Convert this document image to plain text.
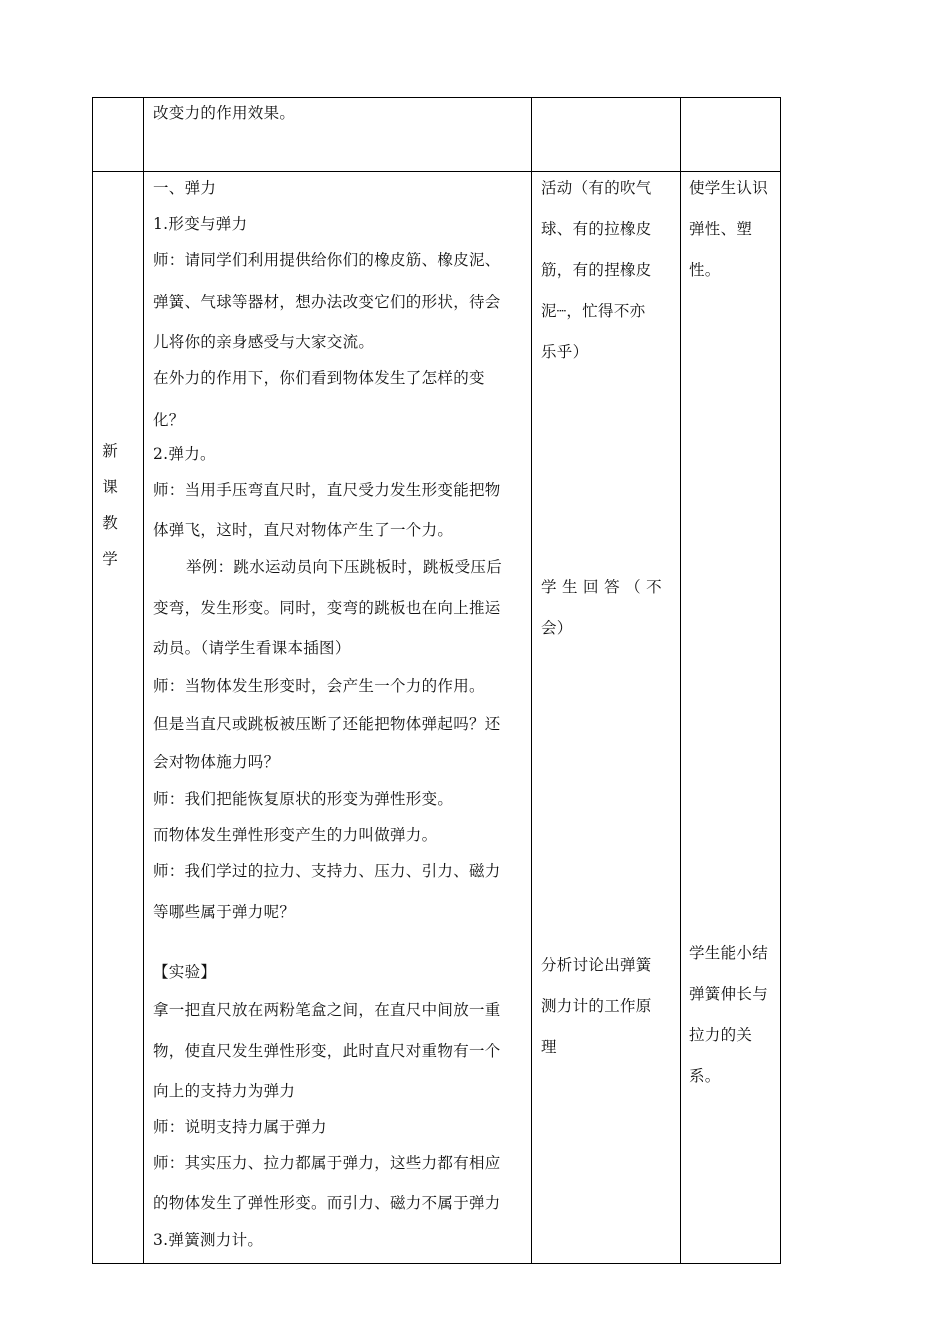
改变力的作用效果。
新
课
教
学
一、弹力
1.形变与弹力
师：请同学们利用提供给你们的橡皮筋、橡皮泥、
弹簧、气球等器材，想办法改变它们的形状，待会
儿将你的亲身感受与大家交流。
在外力的作用下，你们看到物体发生了怎样的变
化？
2.弹力。
师：当用手压弯直尺时，直尺受力发生形变能把物
体弹飞，这时，直尺对物体产生了一个力。
举例：跳水运动员向下压跳板时，跳板受压后
变弯，发生形变。同时，变弯的跳板也在向上推运
动员。（请学生看课本插图）
师：当物体发生形变时，会产生一个力的作用。
但是当直尺或跳板被压断了还能把物体弹起吗？还
会对物体施力吗？
师：我们把能恢复原状的形变为弹性形变。
而物体发生弹性形变产生的力叫做弹力。
师：我们学过的拉力、支持力、压力、引力、磁力
等哪些属于弹力呢？
【实验】
拿一把直尺放在两粉笔盒之间，在直尺中间放一重
物，使直尺发生弹性形变，此时直尺对重物有一个
向上的支持力为弹力
师：说明支持力属于弹力
师：其实压力、拉力都属于弹力，这些力都有相应
的物体发生了弹性形变。而引力、磁力不属于弹力
3.弹簧测力计。
活动（有的吹气
球、有的拉橡皮
筋，有的捏橡皮
泥┈，忙得不亦
乐乎）
学 生 回 答 （ 不
会）
分析讨论出弹簧
测力计的工作原
理
使学生认识
弹性、塑
性。
学生能小结
弹簧伸长与
拉力的关
系。
